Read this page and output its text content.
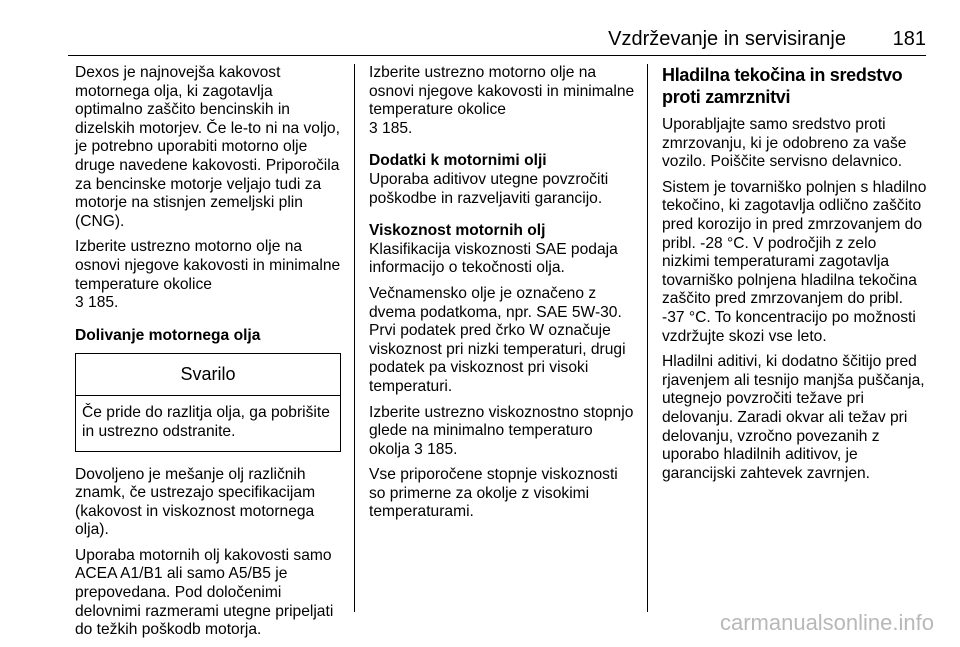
Vzdrževanje in servisiranje 181

Dexos je najnovejša kakovost motornega olja, ki zagotavlja optimalno zaščito bencinskih in dizelskih motorjev. Če le-to ni na voljo, je potrebno uporabiti motorno olje druge navedene kakovosti. Priporočila za bencinske motorje veljajo tudi za motorje na stisnjen zemeljski plin (CNG).

Izberite ustrezno motorno olje na osnovi njegove kakovosti in minimalne temperature okolice
3 185.

Dolivanje motornega olja
Svarilo
Če pride do razlitja olja, ga pobrišite in ustrezno odstranite.

Dovoljeno je mešanje olj različnih znamk, če ustrezajo specifikacijam (kakovost in viskoznost motornega olja).

Uporaba motornih olj kakovosti samo ACEA A1/B1 ali samo A5/B5 je prepovedana. Pod določenimi delovnimi razmerami utegne pripeljati do težkih poškodb motorja.

Izberite ustrezno motorno olje na osnovi njegove kakovosti in minimalne temperature okolice
3 185.

Dodatki k motornimi olji

Uporaba aditivov utegne povzročiti poškodbe in razveljaviti garancijo.

Viskoznost motornih olj

Klasifikacija viskoznosti SAE podaja informacijo o tekočnosti olja.

Večnamensko olje je označeno z dvema podatkoma, npr. SAE 5W-30. Prvi podatek pred črko W označuje viskoznost pri nizki temperaturi, drugi podatek pa viskoznost pri visoki temperaturi.

Izberite ustrezno viskoznostno stopnjo glede na minimalno temperaturo okolja 3 185.

Vse priporočene stopnje viskoznosti so primerne za okolje z visokimi temperaturami.

Hladilna tekočina in sredstvo proti zamrznitvi

Uporabljajte samo sredstvo proti zmrzovanju, ki je odobreno za vaše vozilo. Poiščite servisno delavnico.

Sistem je tovarniško polnjen s hladilno tekočino, ki zagotavlja odlično zaščito pred korozijo in pred zmrzovanjem do pribl. -28 °C. V področjih z zelo nizkimi temperaturami zagotavlja tovarniško polnjena hladilna tekočina zaščito pred zmrzovanjem do pribl. -37 °C. To koncentracijo po možnosti vzdržujte skozi vse leto.

Hladilni aditivi, ki dodatno ščitijo pred rjavenjem ali tesnijo manjša puščanja, utegnejo povzročiti težave pri delovanju. Zaradi okvar ali težav pri delovanju, vzročno povezanih z uporabo hladilnih aditivov, je garancijski zahtevek zavrnjen.

carmanualsonline.info
